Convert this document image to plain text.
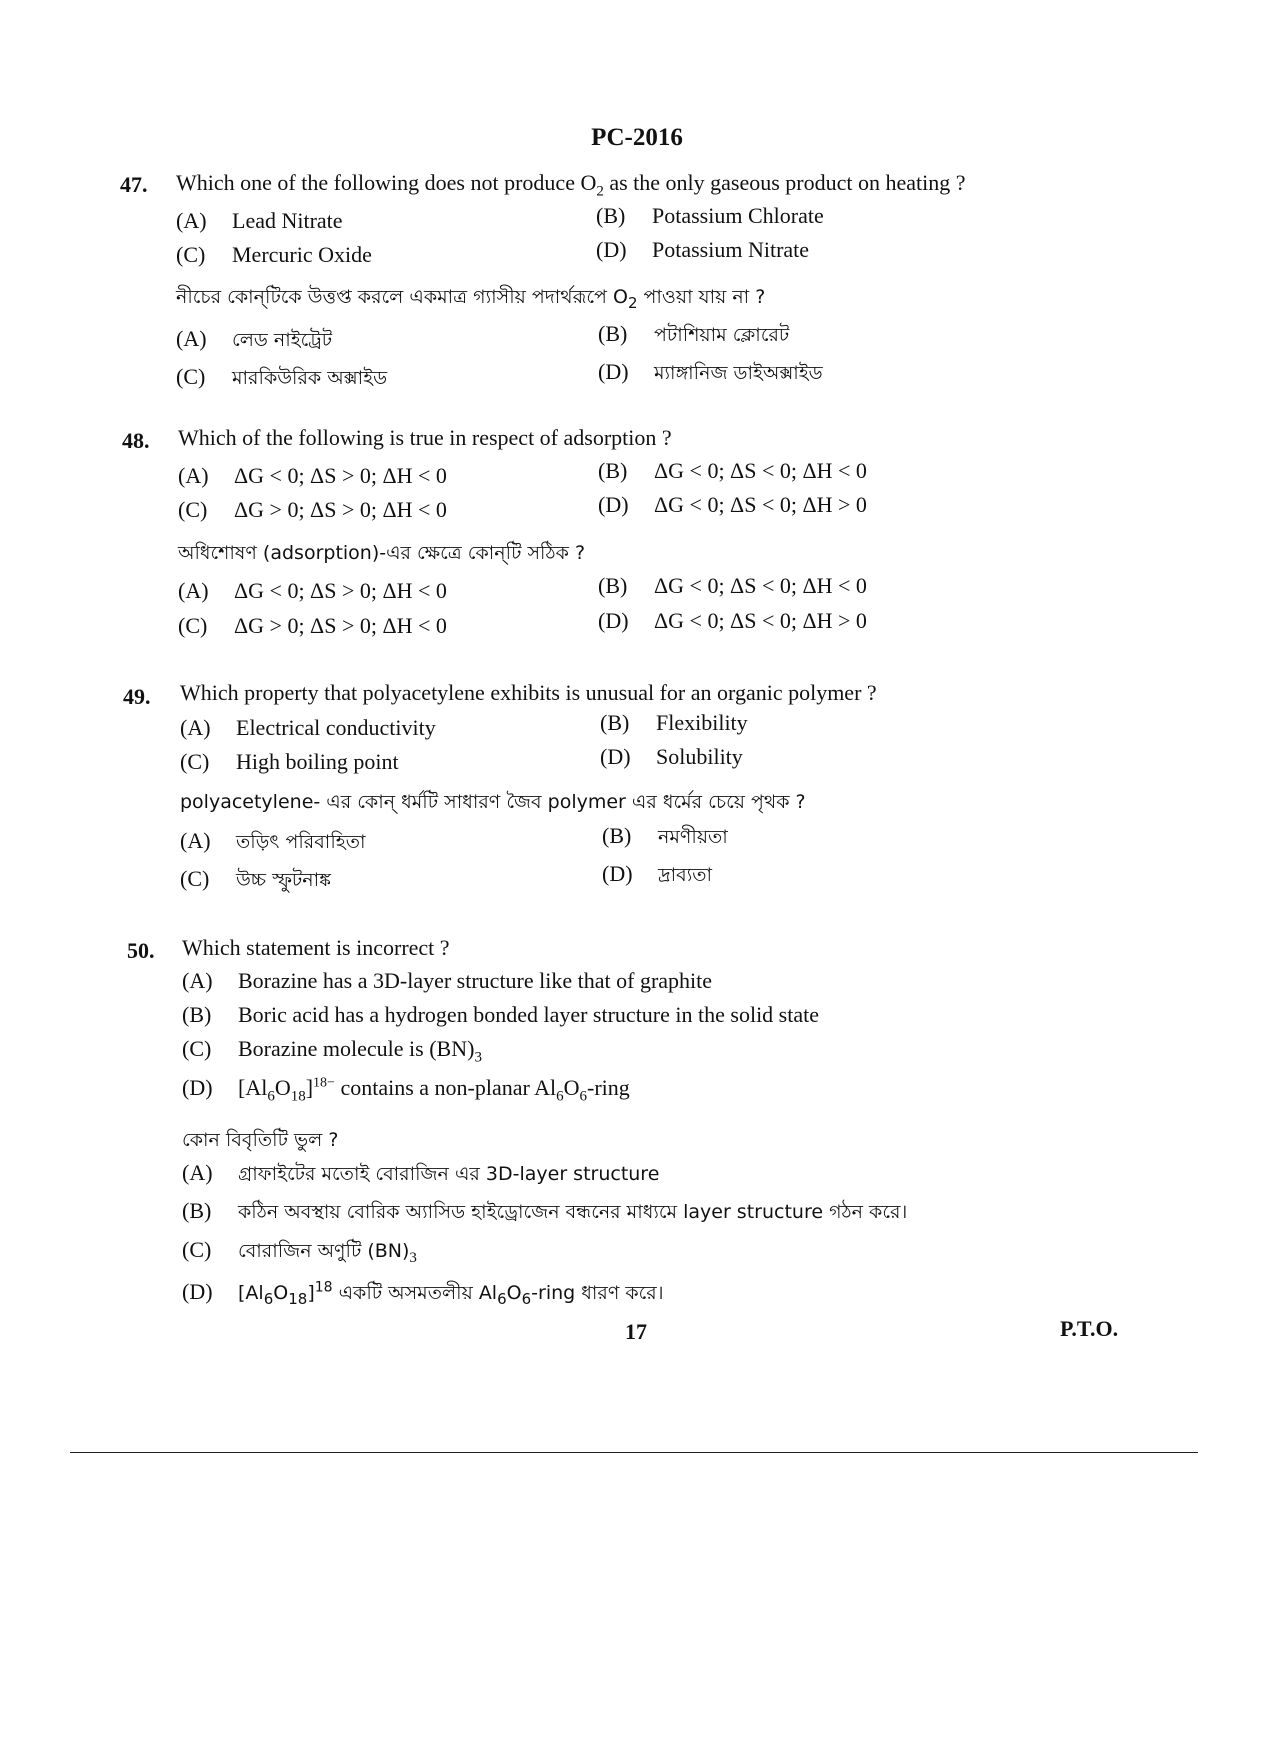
PC-2016
47. Which one of the following does not produce $O_2$ as the only gaseous product on heating ?
(A) Lead Nitrate	(B) Potassium Chlorate
(C) Mercuric Oxide	(D) Potassium Nitrate
নীচের কোন্‌টিকে উত্তপ্ত করলে একমাত্র গ্যাসীয় পদার্থরূপে $O_2$ পাওয়া যায় না ?
(A) লেড নাইট্রেট	(B) পটাশিয়াম ক্লোরেট
(C) মারকিউরিক অক্সাইড	(D) ম্যাঙ্গানিজ ডাইঅক্সাইড
48. Which of the following is true in respect of adsorption ?
(A) ΔG < 0; ΔS > 0; ΔH < 0	(B) ΔG < 0; ΔS < 0; ΔH < 0
(C) ΔG > 0; ΔS > 0; ΔH < 0	(D) ΔG < 0; ΔS < 0; ΔH > 0
অধিশোষণ (adsorption)-এর ক্ষেত্রে কোন্‌টি সঠিক ?
(A) ΔG < 0; ΔS > 0; ΔH < 0	(B) ΔG < 0; ΔS < 0; ΔH < 0
(C) ΔG > 0; ΔS > 0; ΔH < 0	(D) ΔG < 0; ΔS < 0; ΔH > 0
49. Which property that polyacetylene exhibits is unusual for an organic polymer ?
(A) Electrical conductivity	(B) Flexibility
(C) High boiling point	(D) Solubility
polyacetylene- এর কোন্‌ ধর্মটি সাধারণ জৈব polymer এর ধর্মের চেয়ে পৃথক ?
(A) তড়িৎ পরিবাহিতা	(B) নমণীয়তা
(C) উচ্চ স্ফুটনাঙ্ক	(D) দ্রাব্যতা
50. Which statement is incorrect ?
(A) Borazine has a 3D-layer structure like that of graphite
(B) Boric acid has a hydrogen bonded layer structure in the solid state
(C) Borazine molecule is $(BN)_3$
(D) $[Al_6O_{18}]^{18-}$ contains a non-planar $Al_6O_6$-ring
কোন বিবৃতিটি ভুল ?
(A) গ্রাফাইটের মতোই বোরাজিন এর 3D-layer structure
(B) কঠিন অবস্থায় বোরিক অ্যাসিড হাইড্রোজেন বন্ধনের মাধ্যমে layer structure গঠন করে।
(C) বোরাজিন অণুটি $(BN)_3$
(D) $[Al_6O_{18}]^{18}$ একটি অসমতলীয় $Al_6O_6$-ring ধারণ করে।
17	P.T.O.
